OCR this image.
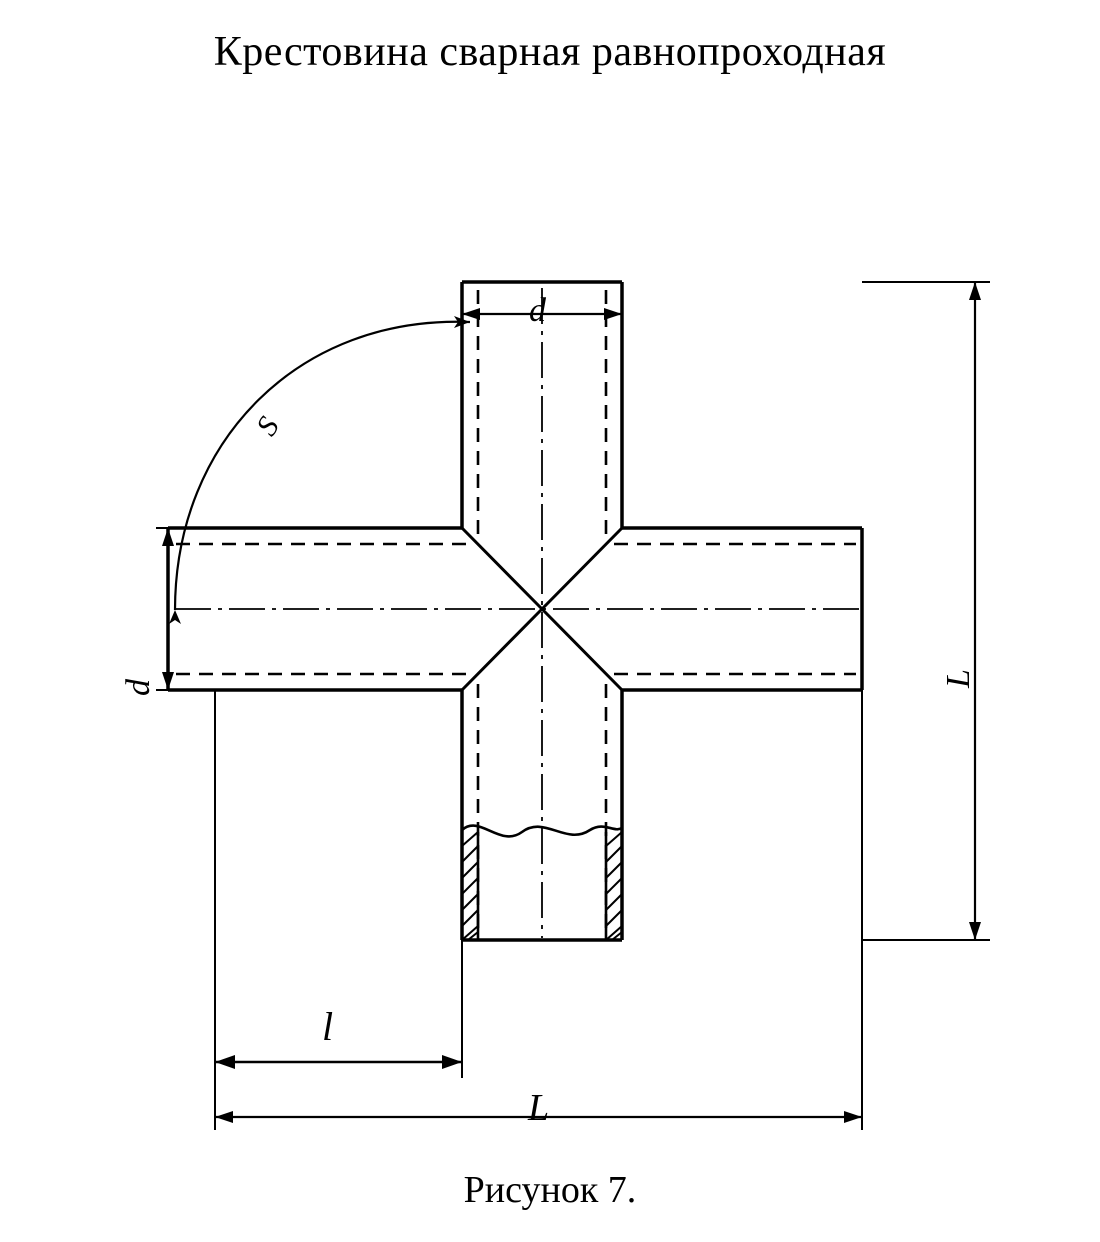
Крестовина сварная равнопроходная
d
d	L
L
l
S
Рисунок 7.
